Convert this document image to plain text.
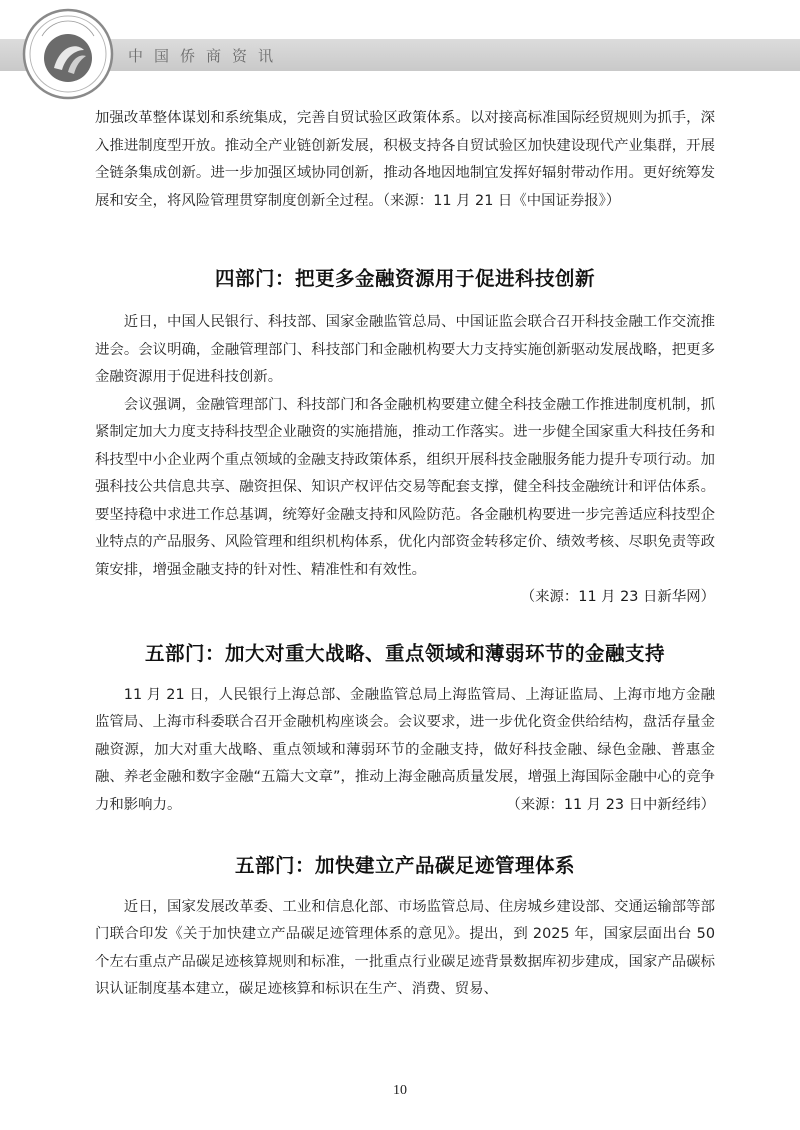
中国侨商资讯

加强改革整体谋划和系统集成，完善自贸试验区政策体系。以对接高标准国际经贸规则为抓手，深入推进制度型开放。推动全产业链创新发展，积极支持各自贸试验区加快建设现代产业集群，开展全链条集成创新。进一步加强区域协同创新，推动各地因地制宜发挥好辐射带动作用。更好统筹发展和安全，将风险管理贯穿制度创新全过程。（来源：11 月 21 日《中国证券报》）

四部门：把更多金融资源用于促进科技创新

近日，中国人民银行、科技部、国家金融监管总局、中国证监会联合召开科技金融工作交流推进会。会议明确，金融管理部门、科技部门和金融机构要大力支持实施创新驱动发展战略，把更多金融资源用于促进科技创新。

会议强调，金融管理部门、科技部门和各金融机构要建立健全科技金融工作推进制度机制，抓紧制定加大力度支持科技型企业融资的实施措施，推动工作落实。进一步健全国家重大科技任务和科技型中小企业两个重点领域的金融支持政策体系，组织开展科技金融服务能力提升专项行动。加强科技公共信息共享、融资担保、知识产权评估交易等配套支撑，健全科技金融统计和评估体系。要坚持稳中求进工作总基调，统筹好金融支持和风险防范。各金融机构要进一步完善适应科技型企业特点的产品服务、风险管理和组织机构体系，优化内部资金转移定价、绩效考核、尽职免责等政策安排，增强金融支持的针对性、精准性和有效性。

（来源：11 月 23 日新华网）
五部门：加大对重大战略、重点领域和薄弱环节的金融支持

11 月 21 日，人民银行上海总部、金融监管总局上海监管局、上海证监局、上海市地方金融监管局、上海市科委联合召开金融机构座谈会。会议要求，进一步优化资金供给结构，盘活存量金融资源，加大对重大战略、重点领域和薄弱环节的金融支持，做好科技金融、绿色金融、普惠金融、养老金融和数字金融“五篇大文章”，推动上海金融高质量发展，增强上海国际金融中心的竞争力和影响力。	（来源：11 月 23 日中新经纬）
五部门：加快建立产品碳足迹管理体系

近日，国家发展改革委、工业和信息化部、市场监管总局、住房城乡建设部、交通运输部等部门联合印发《关于加快建立产品碳足迹管理体系的意见》。提出，到 2025 年，国家层面出台 50 个左右重点产品碳足迹核算规则和标准，一批重点行业碳足迹背景数据库初步建成，国家产品碳标识认证制度基本建立，碳足迹核算和标识在生产、消费、贸易、

10
